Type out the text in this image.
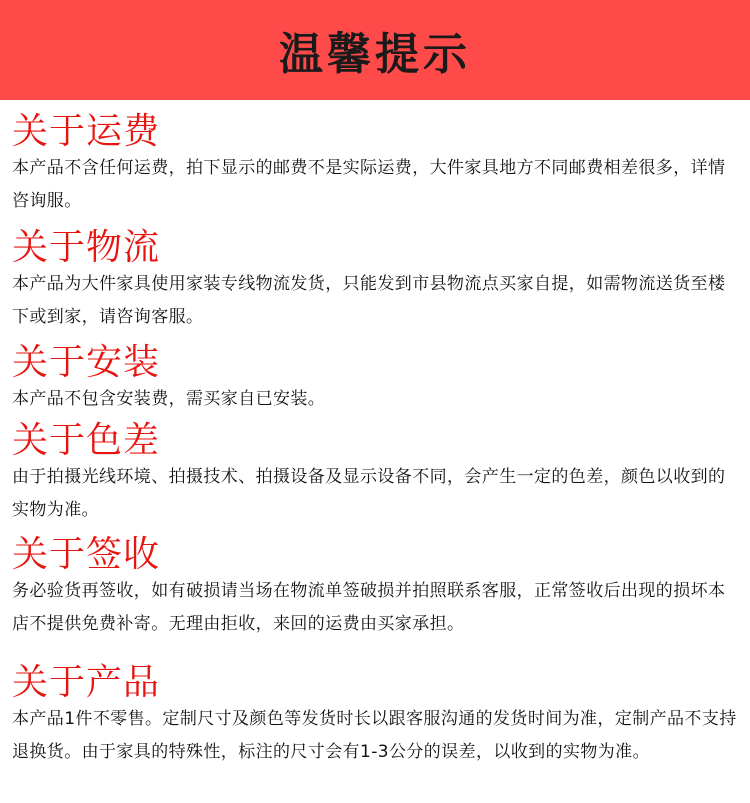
温馨提示
关于运费
本产品不含任何运费，拍下显示的邮费不是实际运费，大件家具地方不同邮费相差很多，详情咨询服。
关于物流
本产品为大件家具使用家装专线物流发货，只能发到市县物流点买家自提，如需物流送货至楼下或到家，请咨询客服。
关于安装
本产品不包含安装费，需买家自已安装。
关于色差
由于拍摄光线环境、拍摄技术、拍摄设备及显示设备不同，会产生一定的色差，颜色以收到的实物为准。
关于签收
务必验货再签收，如有破损请当场在物流单签破损并拍照联系客服，正常签收后出现的损坏本店不提供免费补寄。无理由拒收，来回的运费由买家承担。
关于产品
本产品1件不零售。定制尺寸及颜色等发货时长以跟客服沟通的发货时间为准，定制产品不支持退换货。由于家具的特殊性，标注的尺寸会有1-3公分的误差，以收到的实物为准。
